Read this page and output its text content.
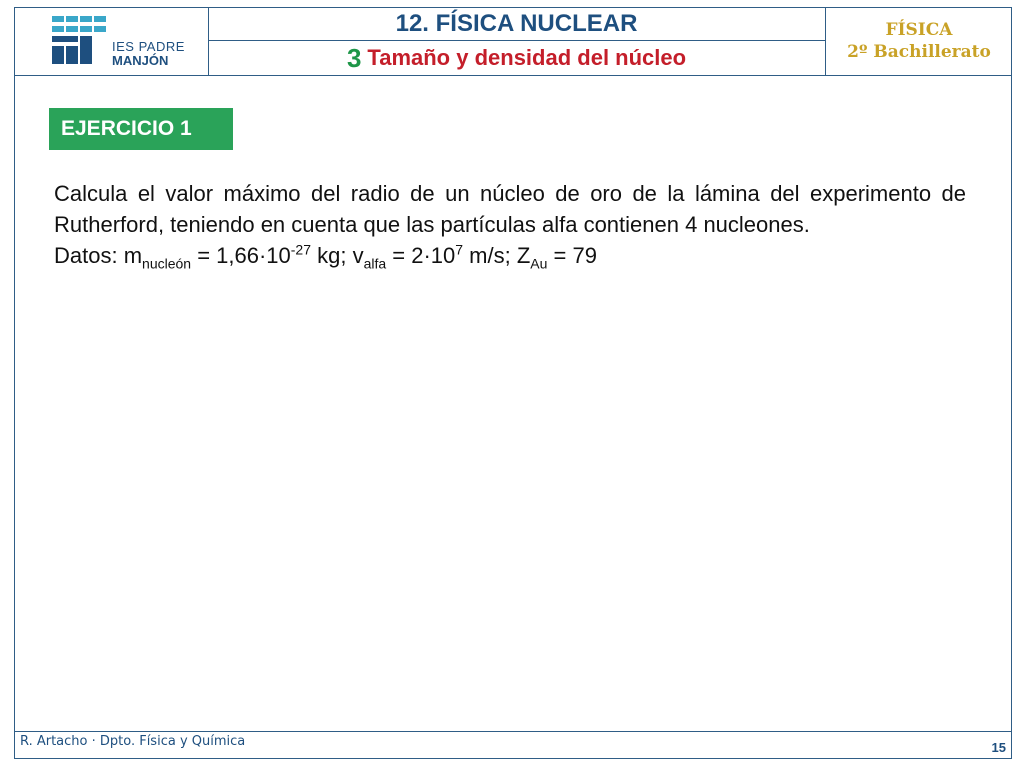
IES PADRE
MANJÓN
12. FÍSICA NUCLEAR
3 Tamaño y densidad del núcleo
FÍSICA
2º Bachillerato
EJERCICIO 1

Calcula el valor máximo del radio de un núcleo de oro de la lámina del experimento de Rutherford, teniendo en cuenta que las partículas alfa contienen 4 nucleones.

Datos: $m_{nucleón} = 1,66\cdot 10^{-27}$ kg; $v_{alfa} = 2\cdot 10^7$ m/s; $Z_{Au} = 79$
R. Artacho · Dpto. Física y Química	15
